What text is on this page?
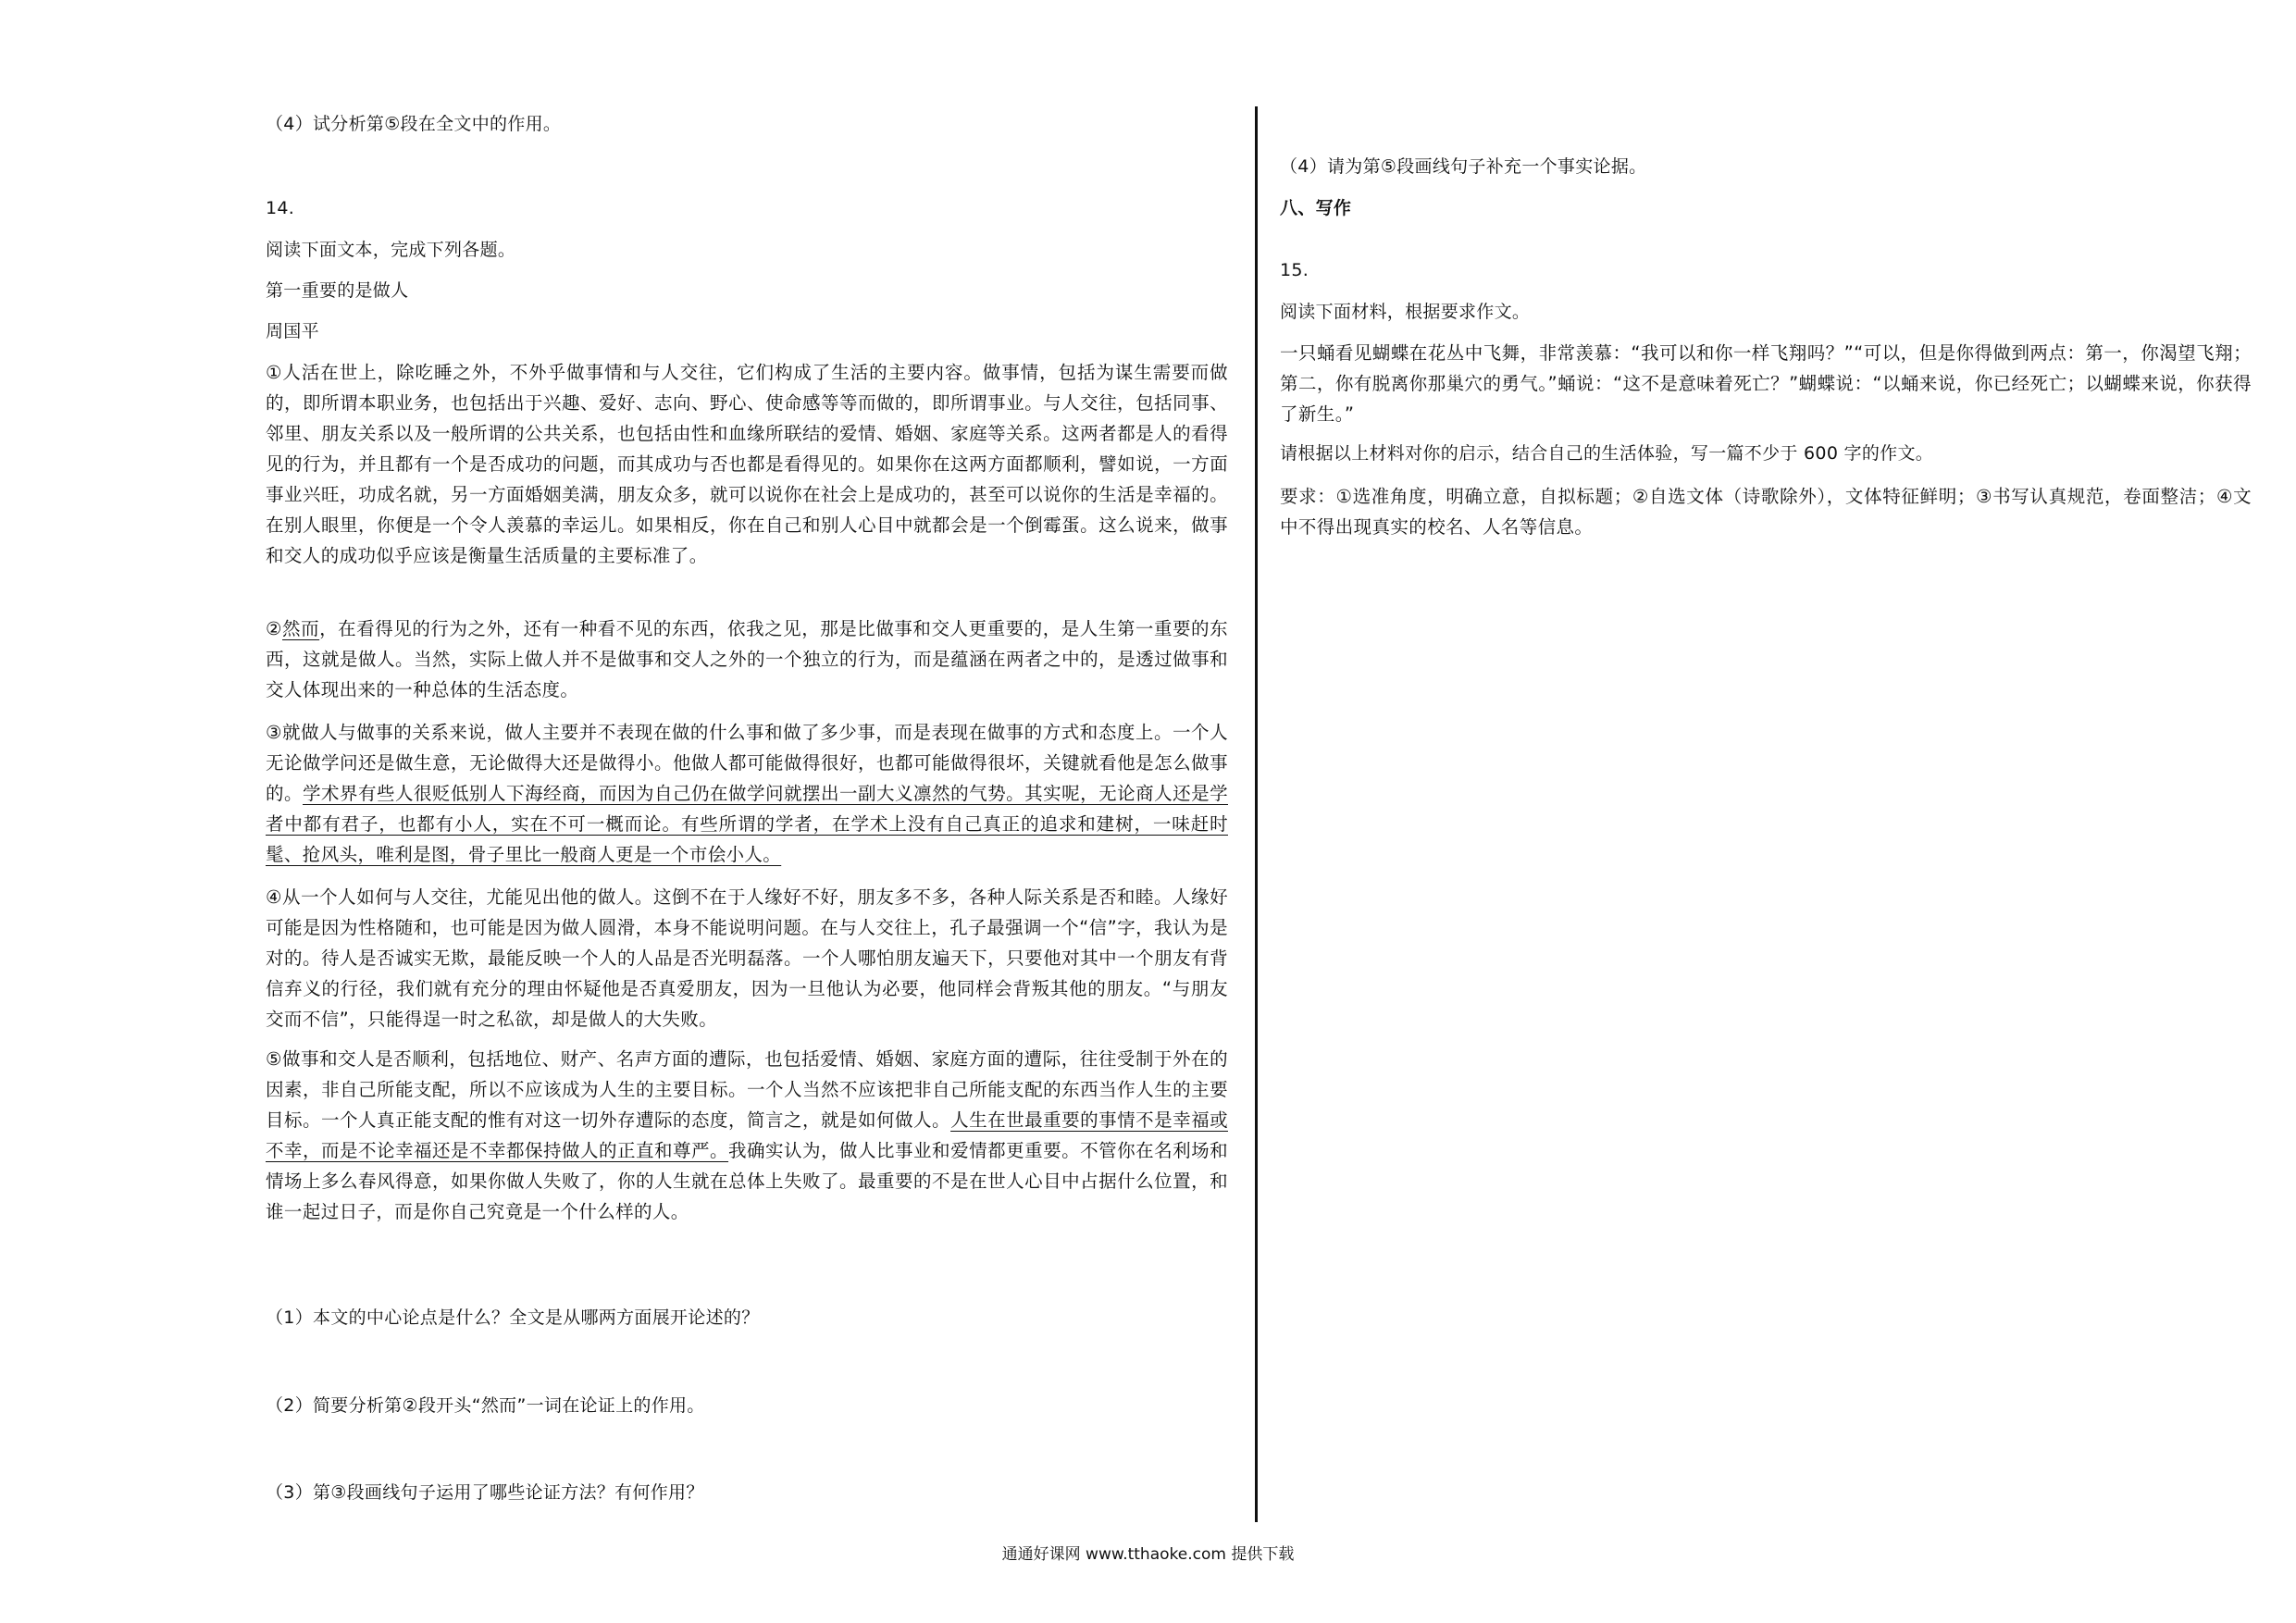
（4）试分析第⑤段在全文中的作用。
14.
阅读下面文本，完成下列各题。
第一重要的是做人
周国平
①人活在世上，除吃睡之外，不外乎做事情和与人交往，它们构成了生活的主要内容。做事情，包括为谋生需要而做的，即所谓本职业务，也包括出于兴趣、爱好、志向、野心、使命感等等而做的，即所谓事业。与人交往，包括同事、邻里、朋友关系以及一般所谓的公共关系，也包括由性和血缘所联结的爱情、婚姻、家庭等关系。这两者都是人的看得见的行为，并且都有一个是否成功的问题，而其成功与否也都是看得见的。如果你在这两方面都顺利，譬如说，一方面事业兴旺，功成名就，另一方面婚姻美满，朋友众多，就可以说你在社会上是成功的，甚至可以说你的生活是幸福的。在别人眼里，你便是一个令人羡慕的幸运儿。如果相反，你在自己和别人心目中就都会是一个倒霉蛋。这么说来，做事和交人的成功似乎应该是衡量生活质量的主要标准了。
②然而，在看得见的行为之外，还有一种看不见的东西，依我之见，那是比做事和交人更重要的，是人生第一重要的东西，这就是做人。当然，实际上做人并不是做事和交人之外的一个独立的行为，而是蕴涵在两者之中的，是透过做事和交人体现出来的一种总体的生活态度。
③就做人与做事的关系来说，做人主要并不表现在做的什么事和做了多少事，而是表现在做事的方式和态度上。一个人无论做学问还是做生意，无论做得大还是做得小。他做人都可能做得很好，也都可能做得很坏，关键就看他是怎么做事的。学术界有些人很贬低别人下海经商，而因为自己仍在做学问就摆出一副大义凛然的气势。其实呢，无论商人还是学者中都有君子，也都有小人，实在不可一概而论。有些所谓的学者，在学术上没有自己真正的追求和建树，一味赶时髦、抢风头，唯利是图，骨子里比一般商人更是一个市侩小人。
④从一个人如何与人交往，尤能见出他的做人。这倒不在于人缘好不好，朋友多不多，各种人际关系是否和睦。人缘好可能是因为性格随和，也可能是因为做人圆滑，本身不能说明问题。在与人交往上，孔子最强调一个“信”字，我认为是对的。待人是否诚实无欺，最能反映一个人的人品是否光明磊落。一个人哪怕朋友遍天下，只要他对其中一个朋友有背信弃义的行径，我们就有充分的理由怀疑他是否真爱朋友，因为一旦他认为必要，他同样会背叛其他的朋友。“与朋友交而不信”，只能得逞一时之私欲，却是做人的大失败。
⑤做事和交人是否顺利，包括地位、财产、名声方面的遭际，也包括爱情、婚姻、家庭方面的遭际，往往受制于外在的因素，非自己所能支配，所以不应该成为人生的主要目标。一个人当然不应该把非自己所能支配的东西当作人生的主要目标。一个人真正能支配的惟有对这一切外存遭际的态度，简言之，就是如何做人。人生在世最重要的事情不是幸福或不幸，而是不论幸福还是不幸都保持做人的正直和尊严。我确实认为，做人比事业和爱情都更重要。不管你在名利场和情场上多么春风得意，如果你做人失败了，你的人生就在总体上失败了。最重要的不是在世人心目中占据什么位置，和谁一起过日子，而是你自己究竟是一个什么样的人。
（1）本文的中心论点是什么？全文是从哪两方面展开论述的？
（2）简要分析第②段开头“然而”一词在论证上的作用。
（3）第③段画线句子运用了哪些论证方法？有何作用？
（4）请为第⑤段画线句子补充一个事实论据。
八、写作
15.
阅读下面材料，根据要求作文。
一只蛹看见蝴蝶在花丛中飞舞，非常羡慕：“我可以和你一样飞翔吗？”“可以，但是你得做到两点：第一，你渴望飞翔；第二，你有脱离你那巢穴的勇气。”蛹说：“这不是意味着死亡？”蝴蝶说：“以蛹来说，你已经死亡；以蝴蝶来说，你获得了新生。”
请根据以上材料对你的启示，结合自己的生活体验，写一篇不少于 600 字的作文。
要求：①选准角度，明确立意，自拟标题；②自选文体（诗歌除外），文体特征鲜明；③书写认真规范，卷面整洁；④文中不得出现真实的校名、人名等信息。
通通好课网 www.tthaoke.com 提供下载
